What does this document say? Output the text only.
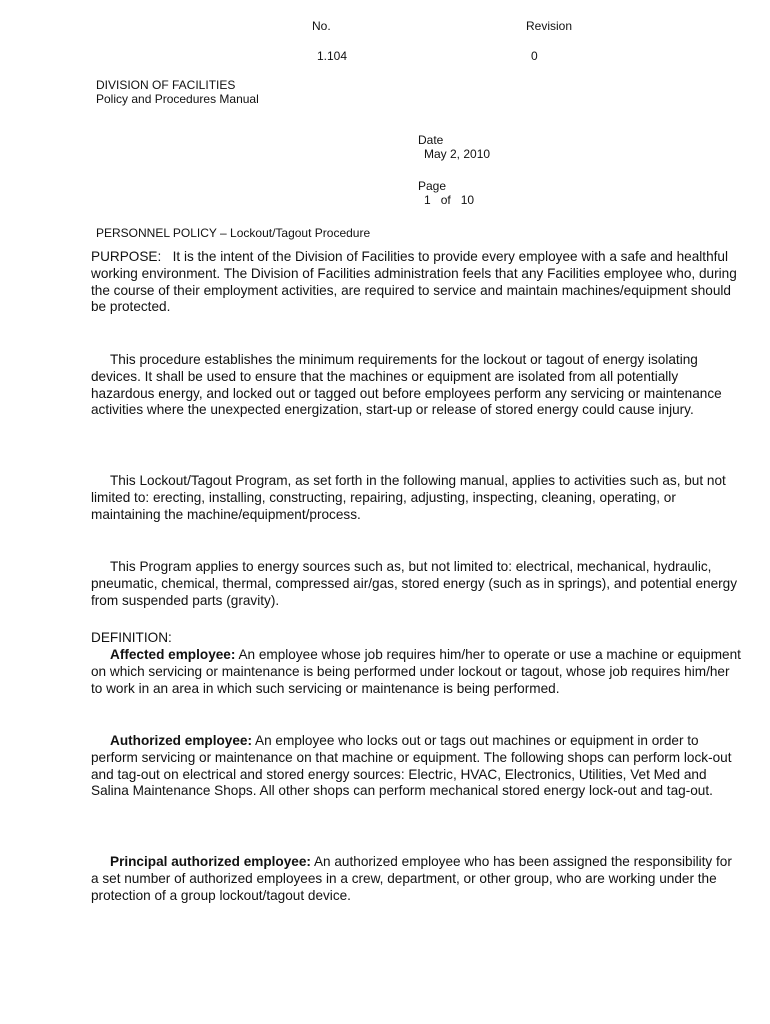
No.	Revision
1.104	0
DIVISION OF FACILITIES
Policy and Procedures Manual
Date
May 2, 2010
Page
1 of 10
PERSONNEL POLICY – Lockout/Tagout Procedure
PURPOSE: It is the intent of the Division of Facilities to provide every employee with a safe and healthful working environment. The Division of Facilities administration feels that any Facilities employee who, during the course of their employment activities, are required to service and maintain machines/equipment should be protected.
This procedure establishes the minimum requirements for the lockout or tagout of energy isolating devices. It shall be used to ensure that the machines or equipment are isolated from all potentially hazardous energy, and locked out or tagged out before employees perform any servicing or maintenance activities where the unexpected energization, start-up or release of stored energy could cause injury.
This Lockout/Tagout Program, as set forth in the following manual, applies to activities such as, but not limited to: erecting, installing, constructing, repairing, adjusting, inspecting, cleaning, operating, or maintaining the machine/equipment/process.
This Program applies to energy sources such as, but not limited to: electrical, mechanical, hydraulic, pneumatic, chemical, thermal, compressed air/gas, stored energy (such as in springs), and potential energy from suspended parts (gravity).
DEFINITION:
Affected employee: An employee whose job requires him/her to operate or use a machine or equipment on which servicing or maintenance is being performed under lockout or tagout, whose job requires him/her to work in an area in which such servicing or maintenance is being performed.
Authorized employee: An employee who locks out or tags out machines or equipment in order to perform servicing or maintenance on that machine or equipment. The following shops can perform lock-out and tag-out on electrical and stored energy sources: Electric, HVAC, Electronics, Utilities, Vet Med and Salina Maintenance Shops. All other shops can perform mechanical stored energy lock-out and tag-out.
Principal authorized employee: An authorized employee who has been assigned the responsibility for a set number of authorized employees in a crew, department, or other group, who are working under the protection of a group lockout/tagout device.
